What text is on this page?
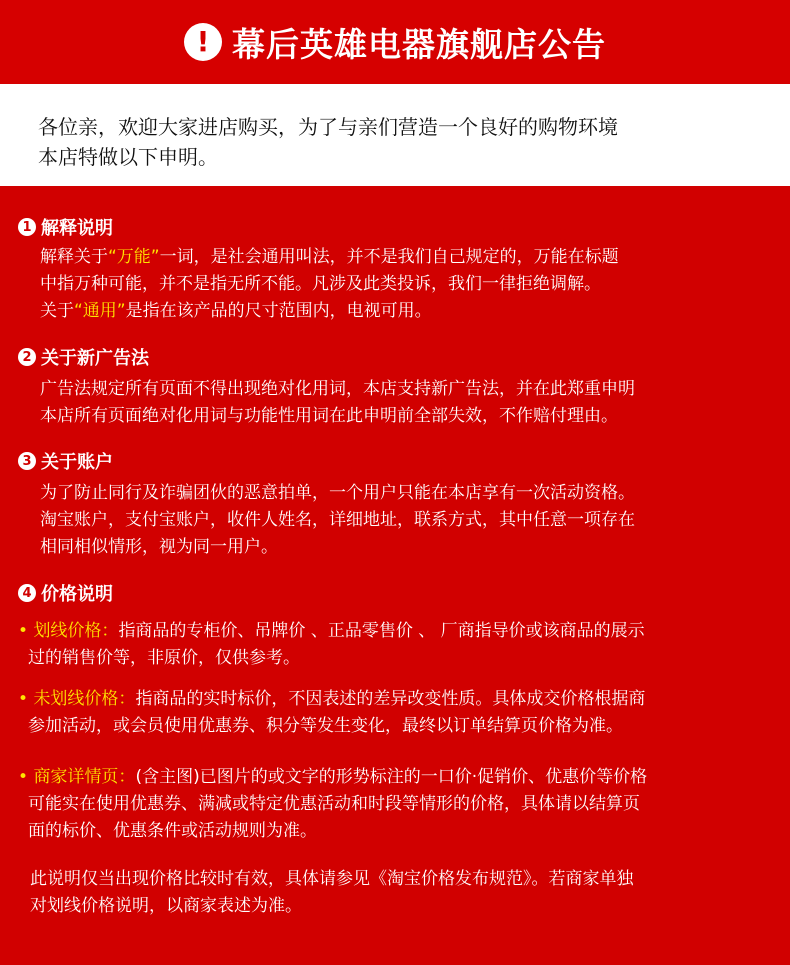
! 幕后英雄电器旗舰店公告

各位亲，欢迎大家进店购买，为了与亲们营造一个良好的购物环境

本店特做以下申明。

1 解释说明

解释关于“万能”一词，是社会通用叫法，并不是我们自己规定的，万能在标题

中指万种可能，并不是指无所不能。凡涉及此类投诉，我们一律拒绝调解。

关于“通用”是指在该产品的尺寸范围内，电视可用。

2 关于新广告法

广告法规定所有页面不得出现绝对化用词，本店支持新广告法，并在此郑重申明

本店所有页面绝对化用词与功能性用词在此申明前全部失效，不作赔付理由。

3 关于账户

为了防止同行及诈骗团伙的恶意拍单，一个用户只能在本店享有一次活动资格。

淘宝账户，支付宝账户，收件人姓名，详细地址，联系方式，其中任意一项存在

相同相似情形，视为同一用户。

4 价格说明

• 划线价格：指商品的专柜价、吊牌价 、正品零售价 、 厂商指导价或该商品的展示

过的销售价等，非原价，仅供参考。

• 未划线价格：指商品的实时标价，不因表述的差异改变性质。具体成交价格根据商

参加活动，或会员使用优惠券、积分等发生变化，最终以订单结算页价格为准。

• 商家详情页：(含主图)已图片的或文字的形势标注的一口价·促销价、优惠价等价格

可能实在使用优惠券、满减或特定优惠活动和时段等情形的价格，具体请以结算页

面的标价、优惠条件或活动规则为准。

此说明仅当出现价格比较时有效，具体请参见《淘宝价格发布规范》。若商家单独

对划线价格说明，以商家表述为准。
